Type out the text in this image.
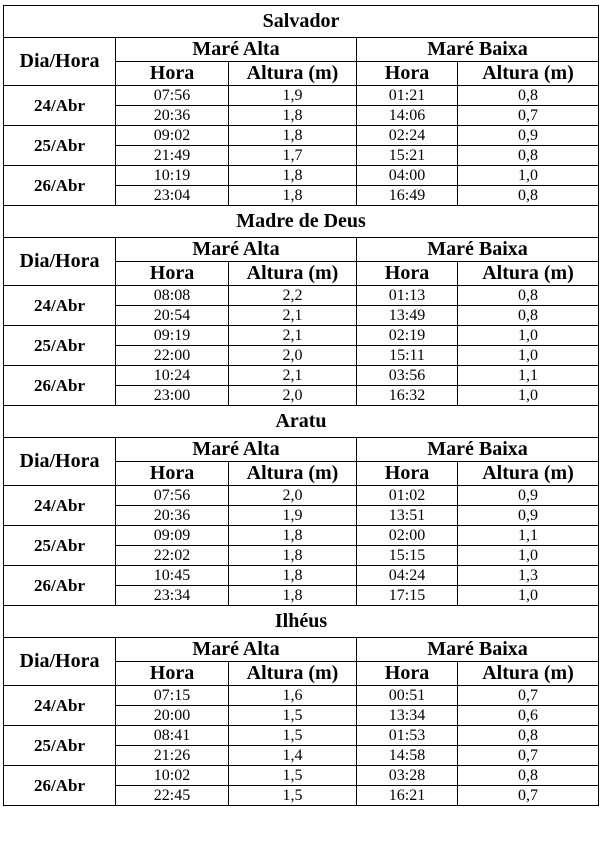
Salvador				
Dia/Hora	Maré Alta		Maré Baixa	
	Hora	Altura (m)	Hora	Altura (m)
24/Abr	07:56	1,9	01:21	0,8
	20:36	1,8	14:06	0,7
25/Abr	09:02	1,8	02:24	0,9
	21:49	1,7	15:21	0,8
26/Abr	10:19	1,8	04:00	1,0
	23:04	1,8	16:49	0,8
Madre de Deus				
Dia/Hora	Maré Alta		Maré Baixa	
	Hora	Altura (m)	Hora	Altura (m)
24/Abr	08:08	2,2	01:13	0,8
	20:54	2,1	13:49	0,8
25/Abr	09:19	2,1	02:19	1,0
	22:00	2,0	15:11	1,0
26/Abr	10:24	2,1	03:56	1,1
	23:00	2,0	16:32	1,0
Aratu				
Dia/Hora	Maré Alta		Maré Baixa	
	Hora	Altura (m)	Hora	Altura (m)
24/Abr	07:56	2,0	01:02	0,9
	20:36	1,9	13:51	0,9
25/Abr	09:09	1,8	02:00	1,1
	22:02	1,8	15:15	1,0
26/Abr	10:45	1,8	04:24	1,3
	23:34	1,8	17:15	1,0
Ilhéus				
Dia/Hora	Maré Alta		Maré Baixa	
	Hora	Altura (m)	Hora	Altura (m)
24/Abr	07:15	1,6	00:51	0,7
	20:00	1,5	13:34	0,6
25/Abr	08:41	1,5	01:53	0,8
	21:26	1,4	14:58	0,7
26/Abr	10:02	1,5	03:28	0,8
	22:45	1,5	16:21	0,7
